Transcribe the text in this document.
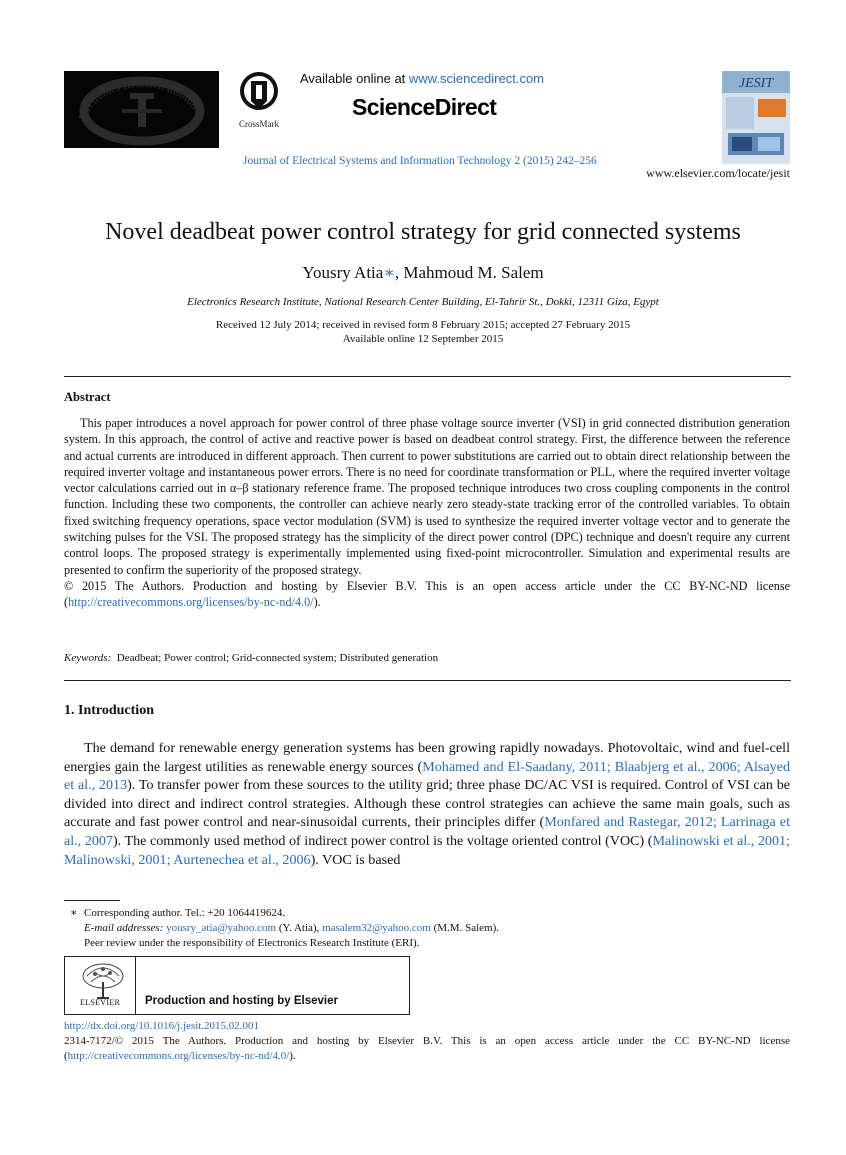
Electronics Research Institute
CrossMark
Available online at www.sciencedirect.com
ScienceDirect
Journal of Electrical Systems and Information Technology 2 (2015) 242–256
JESIT
www.elsevier.com/locate/jesit
Novel deadbeat power control strategy for grid connected systems
Yousry Atia∗, Mahmoud M. Salem
Electronics Research Institute, National Research Center Building, El-Tahrir St., Dokki, 12311 Giza, Egypt
Received 12 July 2014; received in revised form 8 February 2015; accepted 27 February 2015
Available online 12 September 2015
Abstract

This paper introduces a novel approach for power control of three phase voltage source inverter (VSI) in grid connected distribution generation system. In this approach, the control of active and reactive power is based on deadbeat control strategy. First, the difference between the reference and actual currents are introduced in different approach. Then current to power substitutions are carried out to obtain direct relationship between the required inverter voltage and instantaneous power errors. There is no need for coordinate transformation or PLL, where the required inverter voltage vector calculations carried out in α–β stationary reference frame. The proposed technique introduces two cross coupling components in the control function. Including these two components, the controller can achieve nearly zero steady-state tracking error of the controlled variables. To obtain fixed switching frequency operations, space vector modulation (SVM) is used to synthesize the required inverter voltage vector and to generate the switching pulses for the VSI. The proposed strategy has the simplicity of the direct power control (DPC) technique and doesn't require any current control loops. The proposed strategy is experimentally implemented using fixed-point microcontroller. Simulation and experimental results are presented to confirm the superiority of the proposed strategy.

© 2015 The Authors. Production and hosting by Elsevier B.V. This is an open access article under the CC BY-NC-ND license (http://creativecommons.org/licenses/by-nc-nd/4.0/).

Keywords: Deadbeat; Power control; Grid-connected system; Distributed generation
1. Introduction

The demand for renewable energy generation systems has been growing rapidly nowadays. Photovoltaic, wind and fuel-cell energies gain the largest utilities as renewable energy sources (Mohamed and El-Saadany, 2011; Blaabjerg et al., 2006; Alsayed et al., 2013). To transfer power from these sources to the utility grid; three phase DC/AC VSI is required. Control of VSI can be divided into direct and indirect control strategies. Although these control strategies can achieve the same main goals, such as accurate and fast power control and near-sinusoidal currents, their principles differ (Monfared and Rastegar, 2012; Larrinaga et al., 2007). The commonly used method of indirect power control is the voltage oriented control (VOC) (Malinowski et al., 2001; Malinowski, 2001; Aurtenechea et al., 2006). VOC is based

∗ Corresponding author. Tel.: +20 1064419624.
E-mail addresses: yousry_atia@yahoo.com (Y. Atia), masalem32@yahoo.com (M.M. Salem).
Peer review under the responsibility of Electronics Research Institute (ERI).
ELSEVIER Production and hosting by Elsevier
http://dx.doi.org/10.1016/j.jesit.2015.02.001
2314-7172/© 2015 The Authors. Production and hosting by Elsevier B.V. This is an open access article under the CC BY-NC-ND license (http://creativecommons.org/licenses/by-nc-nd/4.0/).
